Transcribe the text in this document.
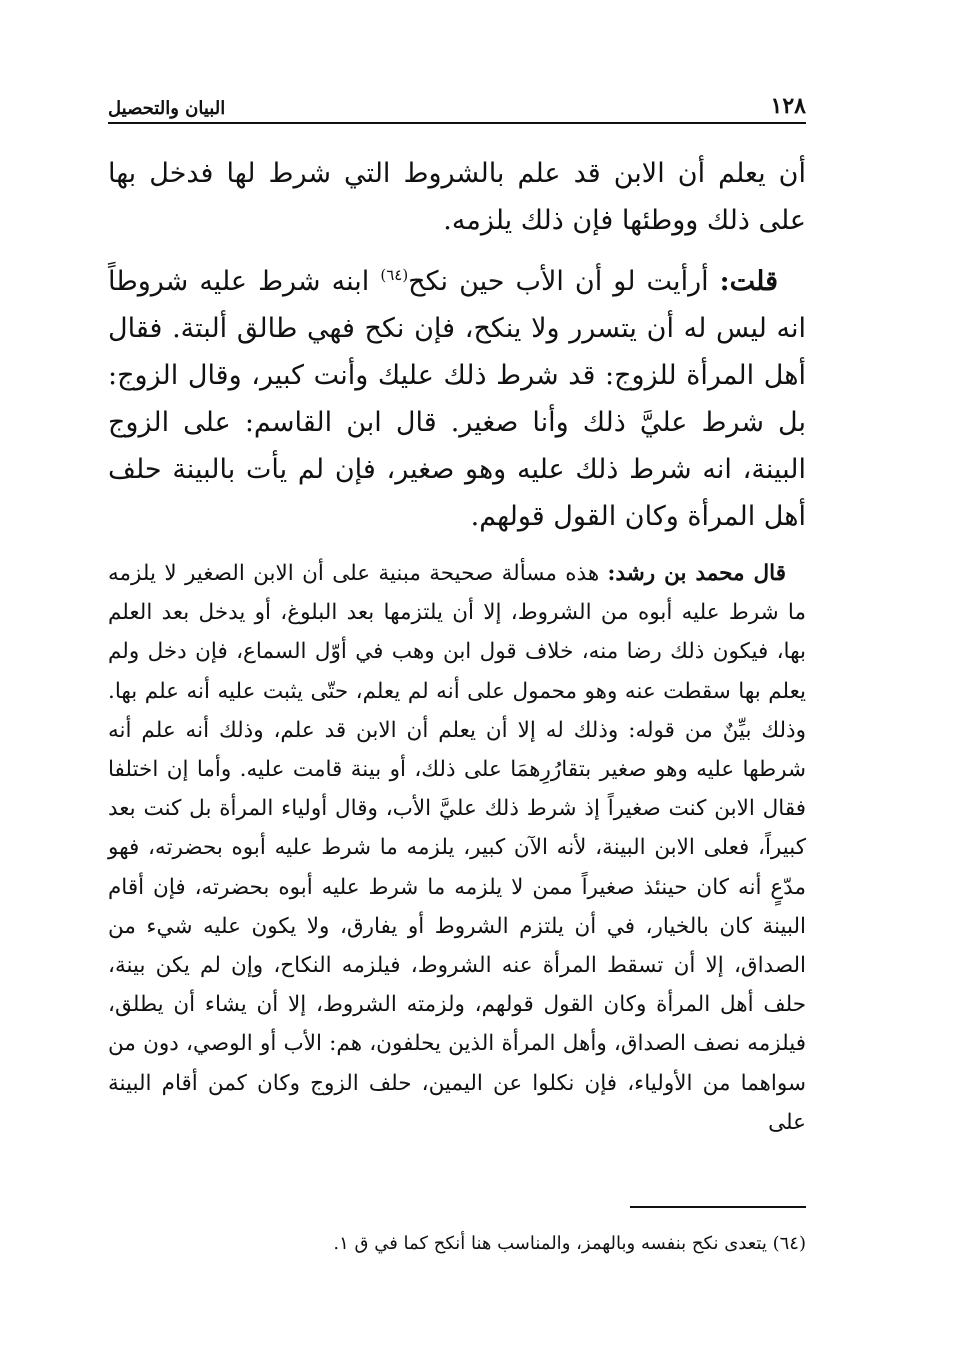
١٢٨
البيان والتحصيل

أن يعلم أن الابن قد علم بالشروط التي شرط لها فدخل بها على ذلك ووطئها فإن ذلك يلزمه.

قلت: أرأيت لو أن الأب حين نكح$^{(٦٤)}$ ابنه شرط عليه شروطاً انه ليس له أن يتسرر ولا ينكح، فإن نكح فهي طالق ألبتة. فقال أهل المرأة للزوج: قد شرط ذلك عليك وأنت كبير، وقال الزوج: بل شرط عليَّ ذلك وأنا صغير. قال ابن القاسم: على الزوج البينة، انه شرط ذلك عليه وهو صغير، فإن لم يأت بالبينة حلف أهل المرأة وكان القول قولهم.

قال محمد بن رشد: هذه مسألة صحيحة مبنية على أن الابن الصغير لا يلزمه ما شرط عليه أبوه من الشروط، إلا أن يلتزمها بعد البلوغ، أو يدخل بعد العلم بها، فيكون ذلك رضا منه، خلاف قول ابن وهب في أوّل السماع، فإن دخل ولم يعلم بها سقطت عنه وهو محمول على أنه لم يعلم، حتّى يثبت عليه أنه علم بها. وذلك بيِّنٌ من قوله: وذلك له إلا أن يعلم أن الابن قد علم، وذلك أنه علم أنه شرطها عليه وهو صغير بتقارُرِهمَا على ذلك، أو بينة قامت عليه. وأما إن اختلفا فقال الابن كنت صغيراً إذ شرط ذلك عليَّ الأب، وقال أولياء المرأة بل كنت بعد كبيراً، فعلى الابن البينة، لأنه الآن كبير، يلزمه ما شرط عليه أبوه بحضرته، فهو مدّعٍ أنه كان حينئذ صغيراً ممن لا يلزمه ما شرط عليه أبوه بحضرته، فإن أقام البينة كان بالخيار، في أن يلتزم الشروط أو يفارق، ولا يكون عليه شيء من الصداق، إلا أن تسقط المرأة عنه الشروط، فيلزمه النكاح، وإن لم يكن بينة، حلف أهل المرأة وكان القول قولهم، ولزمته الشروط، إلا أن يشاء أن يطلق، فيلزمه نصف الصداق، وأهل المرأة الذين يحلفون، هم: الأب أو الوصي، دون من سواهما من الأولياء، فإن نكلوا عن اليمين، حلف الزوج وكان كمن أقام البينة على

(٦٤) يتعدى نكح بنفسه وبالهمز، والمناسب هنا أنكح كما في ق ١.
